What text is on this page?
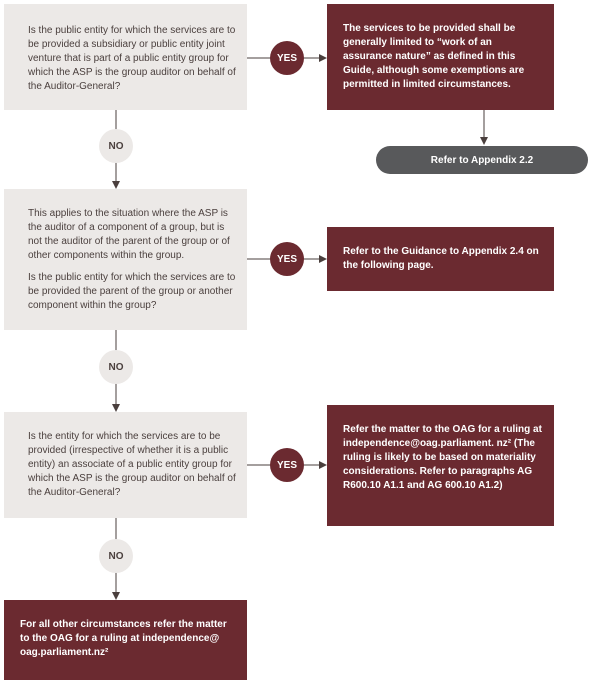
Is the public entity for which the services are to be provided a subsidiary or public entity joint venture that is part of a public entity group for which the ASP is the group auditor on behalf of the Auditor-General?

YES

The services to be provided shall be generally limited to “work of an assurance nature” as defined in this Guide, although some exemptions are permitted in limited circumstances.

Refer to Appendix 2.2
NO

This applies to the situation where the ASP is the auditor of a component of a group, but is not the auditor of the parent of the group or of other components within the group.

Is the public entity for which the services are to be provided the parent of the group or another component within the group?

YES

Refer to the Guidance to Appendix 2.4 on the following page.

NO

Is the entity for which the services are to be provided (irrespective of whether it is a public entity) an associate of a public entity group for which the ASP is the group auditor on behalf of the Auditor-General?

YES

Refer the matter to the OAG for a ruling at independence@oag.parliament. nz² (The ruling is likely to be based on materiality considerations. Refer to paragraphs AG R600.10 A1.1 and AG 600.10 A1.2)

NO

For all other circumstances refer the matter to the OAG for a ruling at independence@ oag.parliament.nz²
